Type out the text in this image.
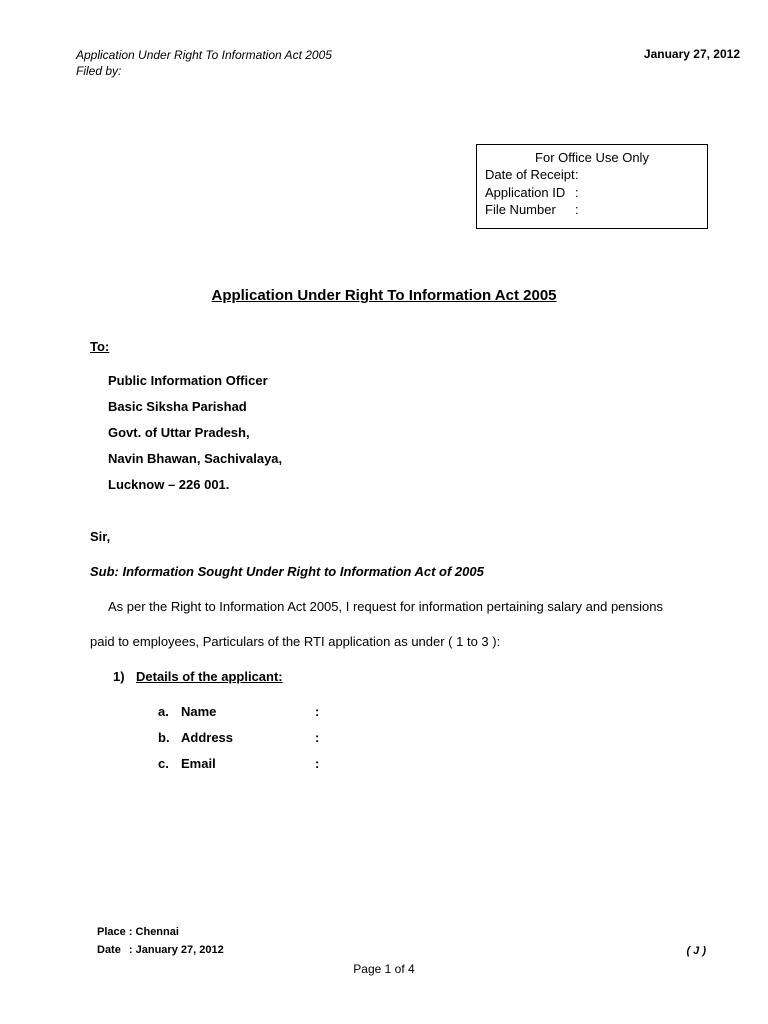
Application Under Right To Information Act 2005
Filed by:
January 27, 2012
For Office Use Only
Date of Receipt :
Application ID :
File Number :
Application Under Right To Information Act 2005
To:
Public Information Officer
Basic Siksha Parishad
Govt. of Uttar Pradesh,
Navin Bhawan, Sachivalaya,
Lucknow – 226 001.
Sir,
Sub: Information Sought Under Right to Information Act of 2005
As per the Right to Information Act 2005, I request for information pertaining salary and pensions
paid to employees, Particulars of the RTI application as under ( 1 to 3 ):
1) Details of the applicant:
a. Name	:
b. Address	:
c. Email	:
Place : Chennai
Date : January 27, 2012	( J )
Page 1 of 4
